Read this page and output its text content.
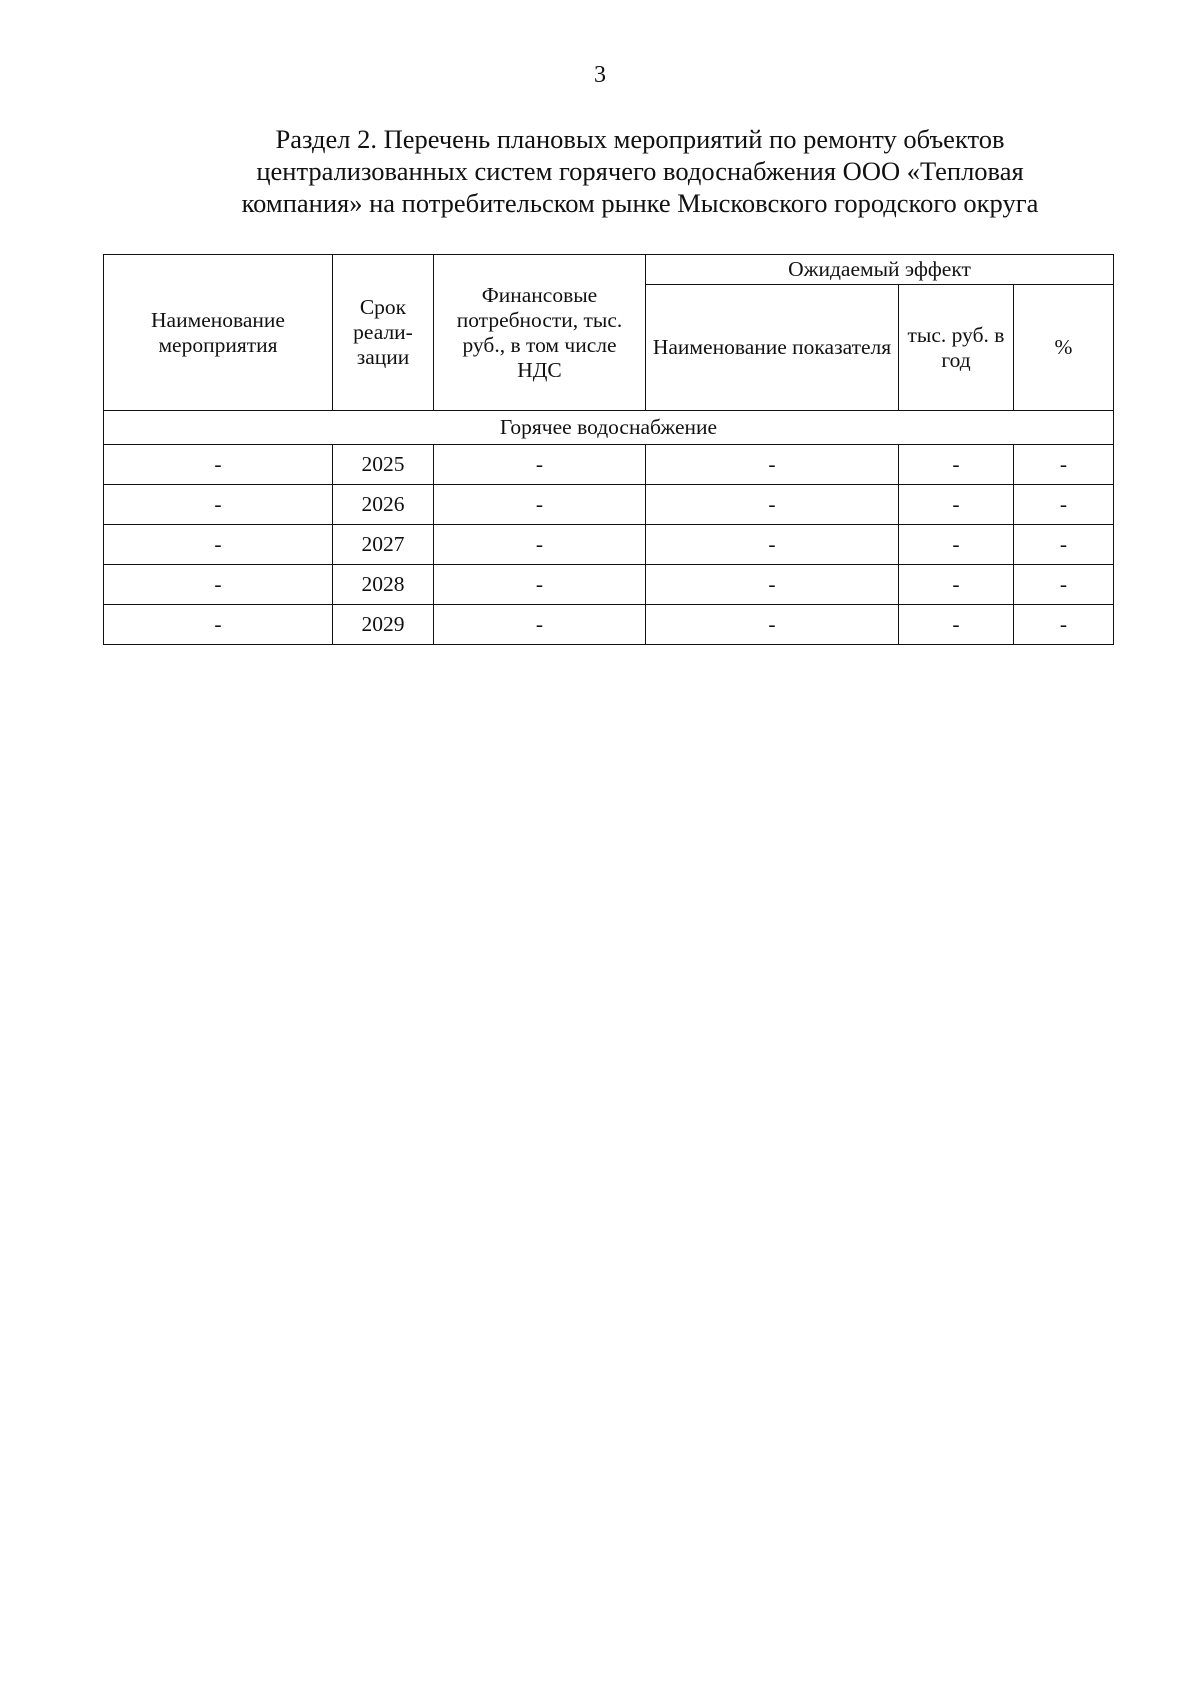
3
Раздел 2. Перечень плановых мероприятий по ремонту объектов
централизованных систем горячего водоснабжения ООО «Тепловая
компания» на потребительском рынке Мысковского городского округа
Наименование мероприятия	Срок реали-зации	Финансовые потребности, тыс. руб., в том числе НДС	Ожидаемый эффект		
			Наименование показателя	тыс. руб. в год	%
Горячее водоснабжение					
-	2025	-	-	-	-
-	2026	-	-	-	-
-	2027	-	-	-	-
-	2028	-	-	-	-
-	2029	-	-	-	-
